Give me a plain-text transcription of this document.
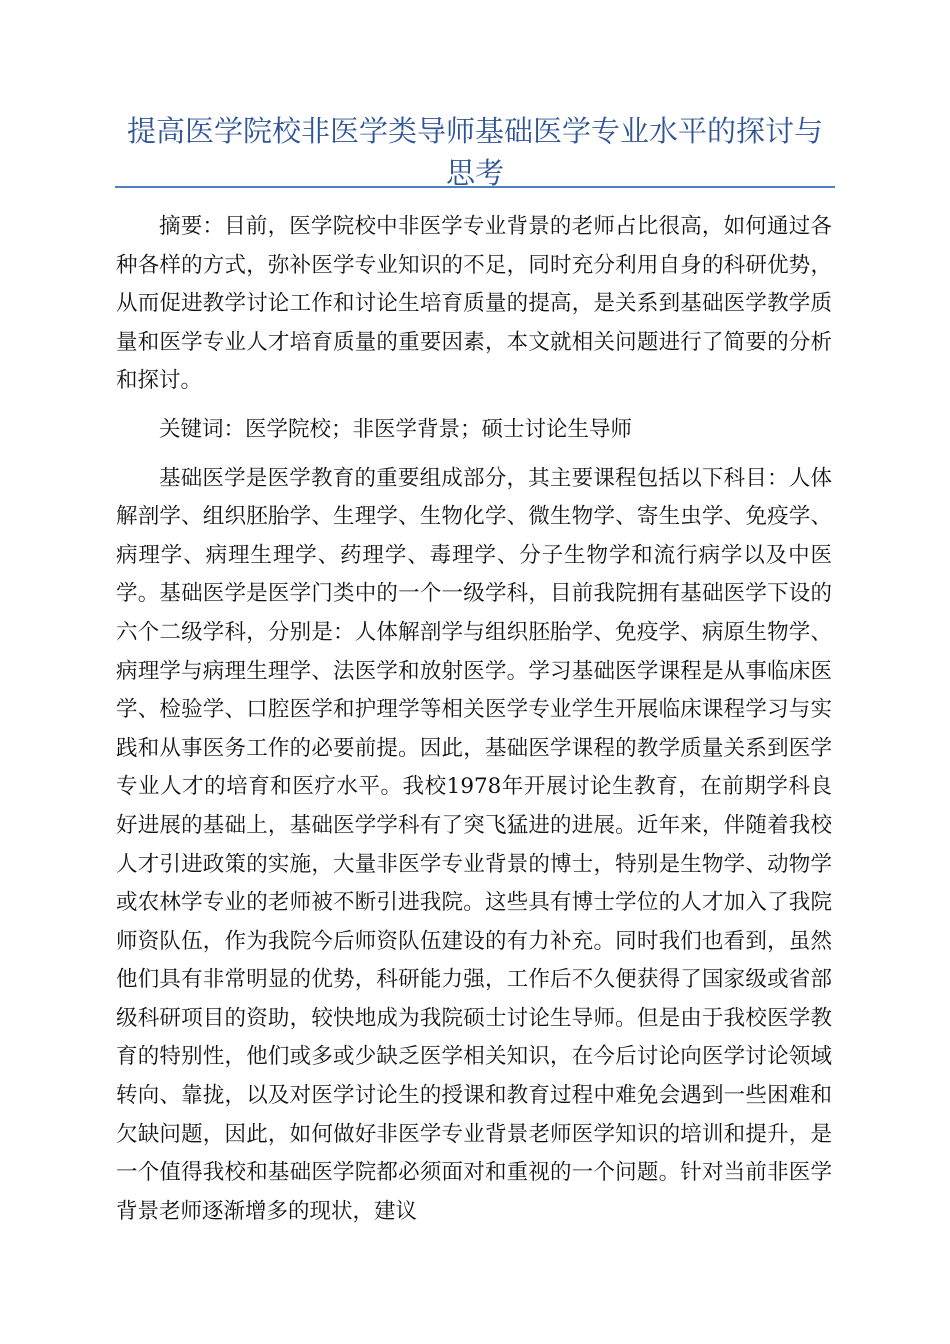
提高医学院校非医学类导师基础医学专业水平的探讨与思考

摘要：目前，医学院校中非医学专业背景的老师占比很高，如何通过各种各样的方式，弥补医学专业知识的不足，同时充分利用自身的科研优势，从而促进教学讨论工作和讨论生培育质量的提高，是关系到基础医学教学质量和医学专业人才培育质量的重要因素，本文就相关问题进行了简要的分析和探讨。

关键词：医学院校；非医学背景；硕士讨论生导师

基础医学是医学教育的重要组成部分，其主要课程包括以下科目：人体解剖学、组织胚胎学、生理学、生物化学、微生物学、寄生虫学、免疫学、病理学、病理生理学、药理学、毒理学、分子生物学和流行病学以及中医学。基础医学是医学门类中的一个一级学科，目前我院拥有基础医学下设的六个二级学科，分别是：人体解剖学与组织胚胎学、免疫学、病原生物学、病理学与病理生理学、法医学和放射医学。学习基础医学课程是从事临床医学、检验学、口腔医学和护理学等相关医学专业学生开展临床课程学习与实践和从事医务工作的必要前提。因此，基础医学课程的教学质量关系到医学专业人才的培育和医疗水平。我校1978年开展讨论生教育，在前期学科良好进展的基础上，基础医学学科有了突飞猛进的进展。近年来，伴随着我校人才引进政策的实施，大量非医学专业背景的博士，特别是生物学、动物学或农林学专业的老师被不断引进我院。这些具有博士学位的人才加入了我院师资队伍，作为我院今后师资队伍建设的有力补充。同时我们也看到，虽然他们具有非常明显的优势，科研能力强，工作后不久便获得了国家级或省部级科研项目的资助，较快地成为我院硕士讨论生导师。但是由于我校医学教育的特别性，他们或多或少缺乏医学相关知识，在今后讨论向医学讨论领域转向、靠拢，以及对医学讨论生的授课和教育过程中难免会遇到一些困难和欠缺问题，因此，如何做好非医学专业背景老师医学知识的培训和提升，是一个值得我校和基础医学院都必须面对和重视的一个问题。针对当前非医学背景老师逐渐增多的现状，建议
